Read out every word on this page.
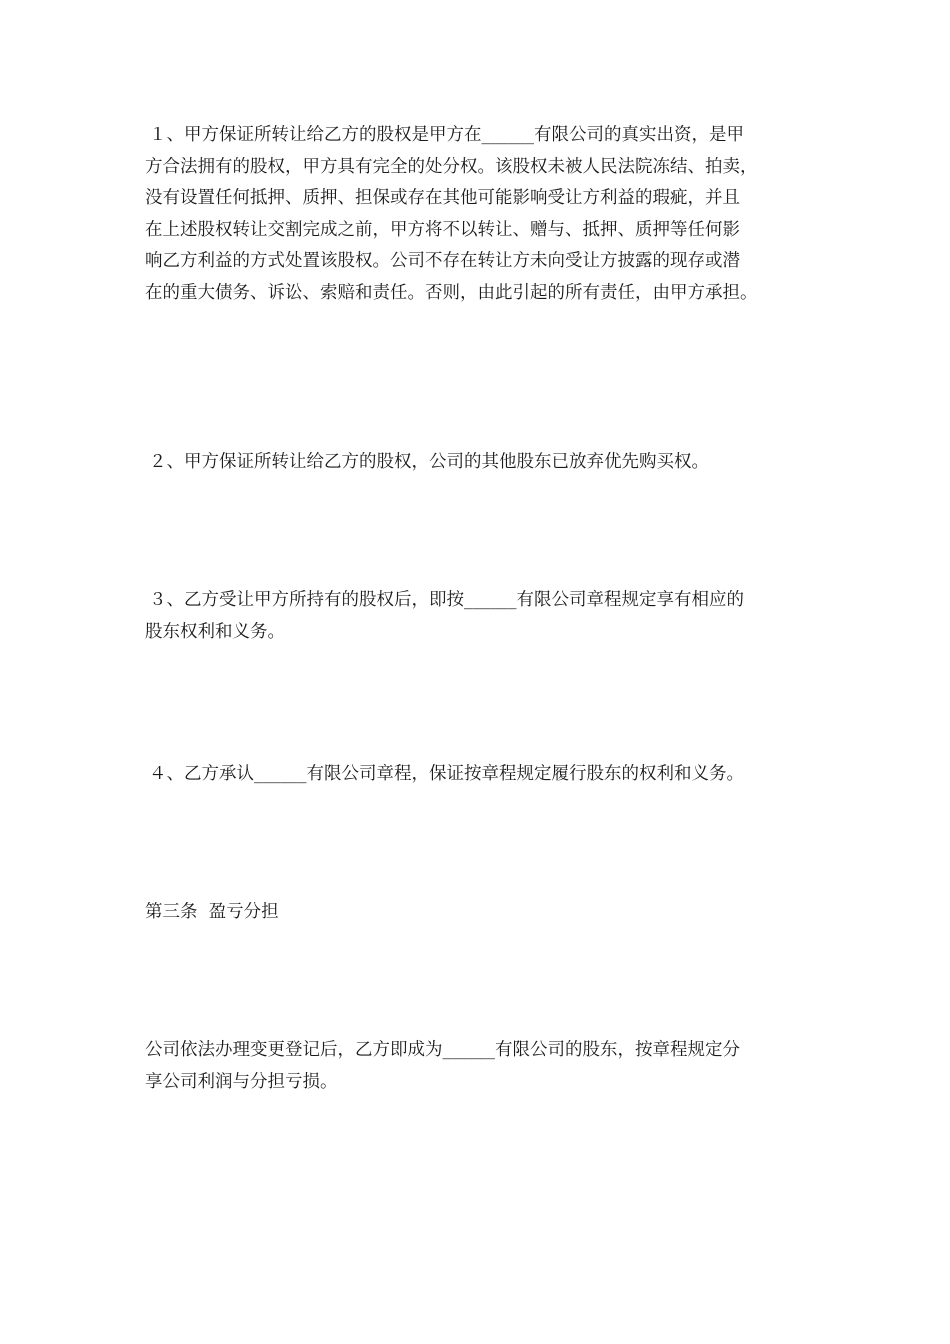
１、甲方保证所转让给乙方的股权是甲方在______有限公司的真实出资，是甲
方合法拥有的股权，甲方具有完全的处分权。该股权未被人民法院冻结、拍卖，
没有设置任何抵押、质押、担保或存在其他可能影响受让方利益的瑕疵，并且
在上述股权转让交割完成之前，甲方将不以转让、赠与、抵押、质押等任何影
响乙方利益的方式处置该股权。公司不存在转让方未向受让方披露的现存或潜
在的重大债务、诉讼、索赔和责任。否则，由此引起的所有责任，由甲方承担。
２、甲方保证所转让给乙方的股权，公司的其他股东已放弃优先购买权。
３、乙方受让甲方所持有的股权后，即按______有限公司章程规定享有相应的
股东权利和义务。
４、乙方承认______有限公司章程，保证按章程规定履行股东的权利和义务。
第三条  盈亏分担
公司依法办理变更登记后，乙方即成为______有限公司的股东，按章程规定分
享公司利润与分担亏损。
